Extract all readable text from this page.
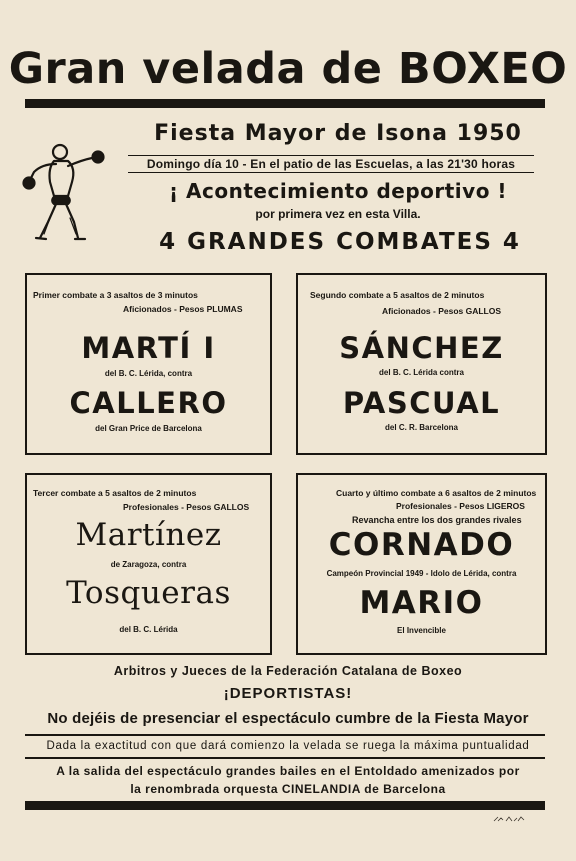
Gran velada de BOXEO
Fiesta Mayor de Isona 1950
Domingo día 10 - En el patio de las Escuelas, a las 21'30 horas
¡ Acontecimiento deportivo !
por primera vez en esta Villa.
4 GRANDES COMBATES 4
Primer combate a 3 asaltos de 3 minutos
Aficionados - Pesos PLUMAS
MARTÍ I
del B. C. Lérida, contra
CALLERO
del Gran Price de Barcelona
Segundo combate a 5 asaltos de 2 minutos
Aficionados - Pesos GALLOS
SÁNCHEZ
del B. C. Lérida contra
PASCUAL
del C. R. Barcelona
Tercer combate a 5 asaltos de 2 minutos
Profesionales - Pesos GALLOS
Martínez
de Zaragoza, contra
Tosqueras
del B. C. Lérida
Cuarto y último combate a 6 asaltos de 2 minutos
Profesionales - Pesos LIGEROS
Revancha entre los dos grandes rivales
CORNADO
Campeón Provincial 1949 - Idolo de Lérida, contra
MARIO
El Invencible
Arbitros y Jueces de la Federación Catalana de Boxeo
¡DEPORTISTAS!
No dejéis de presenciar el espectáculo cumbre de la Fiesta Mayor
Dada la exactitud con que dará comienzo la velada se ruega la máxima puntualidad
A la salida del espectáculo grandes bailes en el Entoldado amenizados por
la renombrada orquesta CINELANDIA de Barcelona
